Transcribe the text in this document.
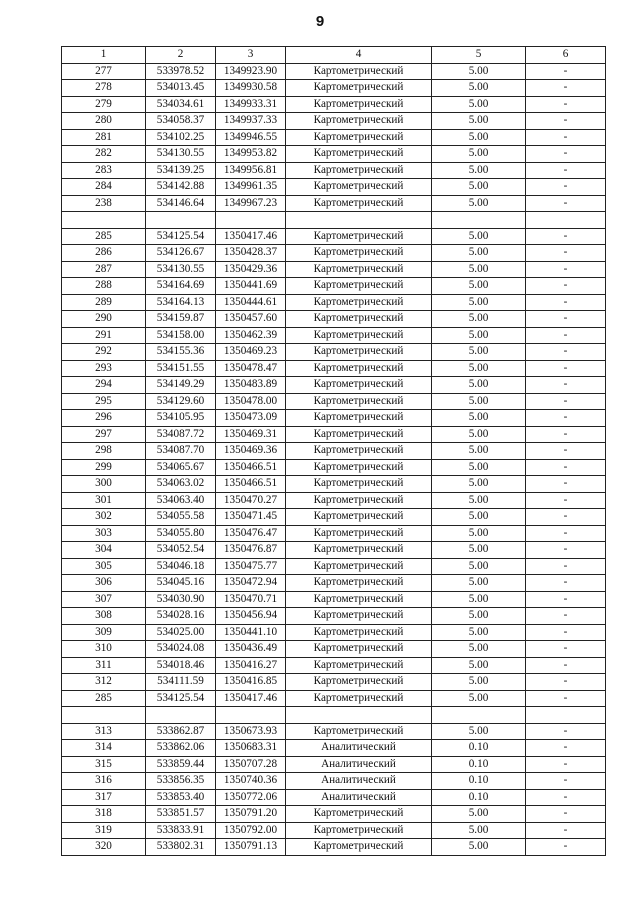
9
1	2	3	4	5	6
277	533978.52	1349923.90	Картометрический	5.00	-
278	534013.45	1349930.58	Картометрический	5.00	-
279	534034.61	1349933.31	Картометрический	5.00	-
280	534058.37	1349937.33	Картометрический	5.00	-
281	534102.25	1349946.55	Картометрический	5.00	-
282	534130.55	1349953.82	Картометрический	5.00	-
283	534139.25	1349956.81	Картометрический	5.00	-
284	534142.88	1349961.35	Картометрический	5.00	-
238	534146.64	1349967.23	Картометрический	5.00	-

285	534125.54	1350417.46	Картометрический	5.00	-
286	534126.67	1350428.37	Картометрический	5.00	-
287	534130.55	1350429.36	Картометрический	5.00	-
288	534164.69	1350441.69	Картометрический	5.00	-
289	534164.13	1350444.61	Картометрический	5.00	-
290	534159.87	1350457.60	Картометрический	5.00	-
291	534158.00	1350462.39	Картометрический	5.00	-
292	534155.36	1350469.23	Картометрический	5.00	-
293	534151.55	1350478.47	Картометрический	5.00	-
294	534149.29	1350483.89	Картометрический	5.00	-
295	534129.60	1350478.00	Картометрический	5.00	-
296	534105.95	1350473.09	Картометрический	5.00	-
297	534087.72	1350469.31	Картометрический	5.00	-
298	534087.70	1350469.36	Картометрический	5.00	-
299	534065.67	1350466.51	Картометрический	5.00	-
300	534063.02	1350466.51	Картометрический	5.00	-
301	534063.40	1350470.27	Картометрический	5.00	-
302	534055.58	1350471.45	Картометрический	5.00	-
303	534055.80	1350476.47	Картометрический	5.00	-
304	534052.54	1350476.87	Картометрический	5.00	-
305	534046.18	1350475.77	Картометрический	5.00	-
306	534045.16	1350472.94	Картометрический	5.00	-
307	534030.90	1350470.71	Картометрический	5.00	-
308	534028.16	1350456.94	Картометрический	5.00	-
309	534025.00	1350441.10	Картометрический	5.00	-
310	534024.08	1350436.49	Картометрический	5.00	-
311	534018.46	1350416.27	Картометрический	5.00	-
312	534111.59	1350416.85	Картометрический	5.00	-
285	534125.54	1350417.46	Картометрический	5.00	-

313	533862.87	1350673.93	Картометрический	5.00	-
314	533862.06	1350683.31	Аналитический	0.10	-
315	533859.44	1350707.28	Аналитический	0.10	-
316	533856.35	1350740.36	Аналитический	0.10	-
317	533853.40	1350772.06	Аналитический	0.10	-
318	533851.57	1350791.20	Картометрический	5.00	-
319	533833.91	1350792.00	Картометрический	5.00	-
320	533802.31	1350791.13	Картометрический	5.00	-
